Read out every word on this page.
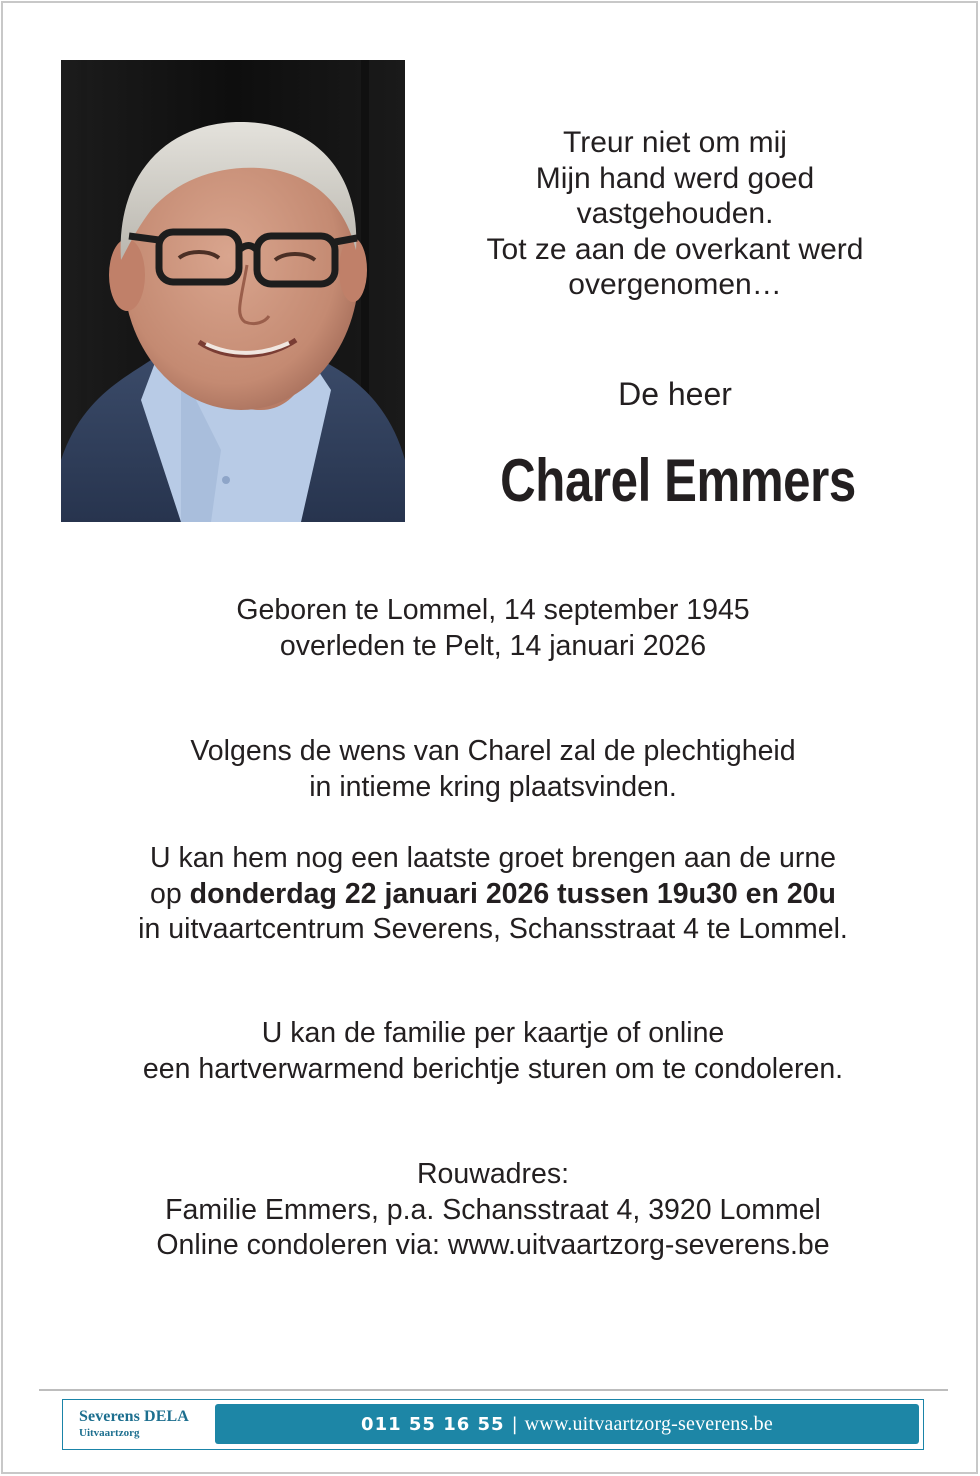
Treur niet om mij
Mijn hand werd goed
vastgehouden.
Tot ze aan de overkant werd
overgenomen…
De heer
Charel Emmers
Geboren te Lommel, 14 september 1945
overleden te Pelt, 14 januari 2026
Volgens de wens van Charel zal de plechtigheid
in intieme kring plaatsvinden.
U kan hem nog een laatste groet brengen aan de urne
op donderdag 22 januari 2026 tussen 19u30 en 20u
in uitvaartcentrum Severens, Schansstraat 4 te Lommel.
U kan de familie per kaartje of online
een hartverwarmend berichtje sturen om te condoleren.
Rouwadres:
Familie Emmers, p.a. Schansstraat 4, 3920 Lommel
Online condoleren via: www.uitvaartzorg-severens.be
Severens DELA
Uitvaartzorg	011 55 16 55 | www.uitvaartzorg-severens.be
